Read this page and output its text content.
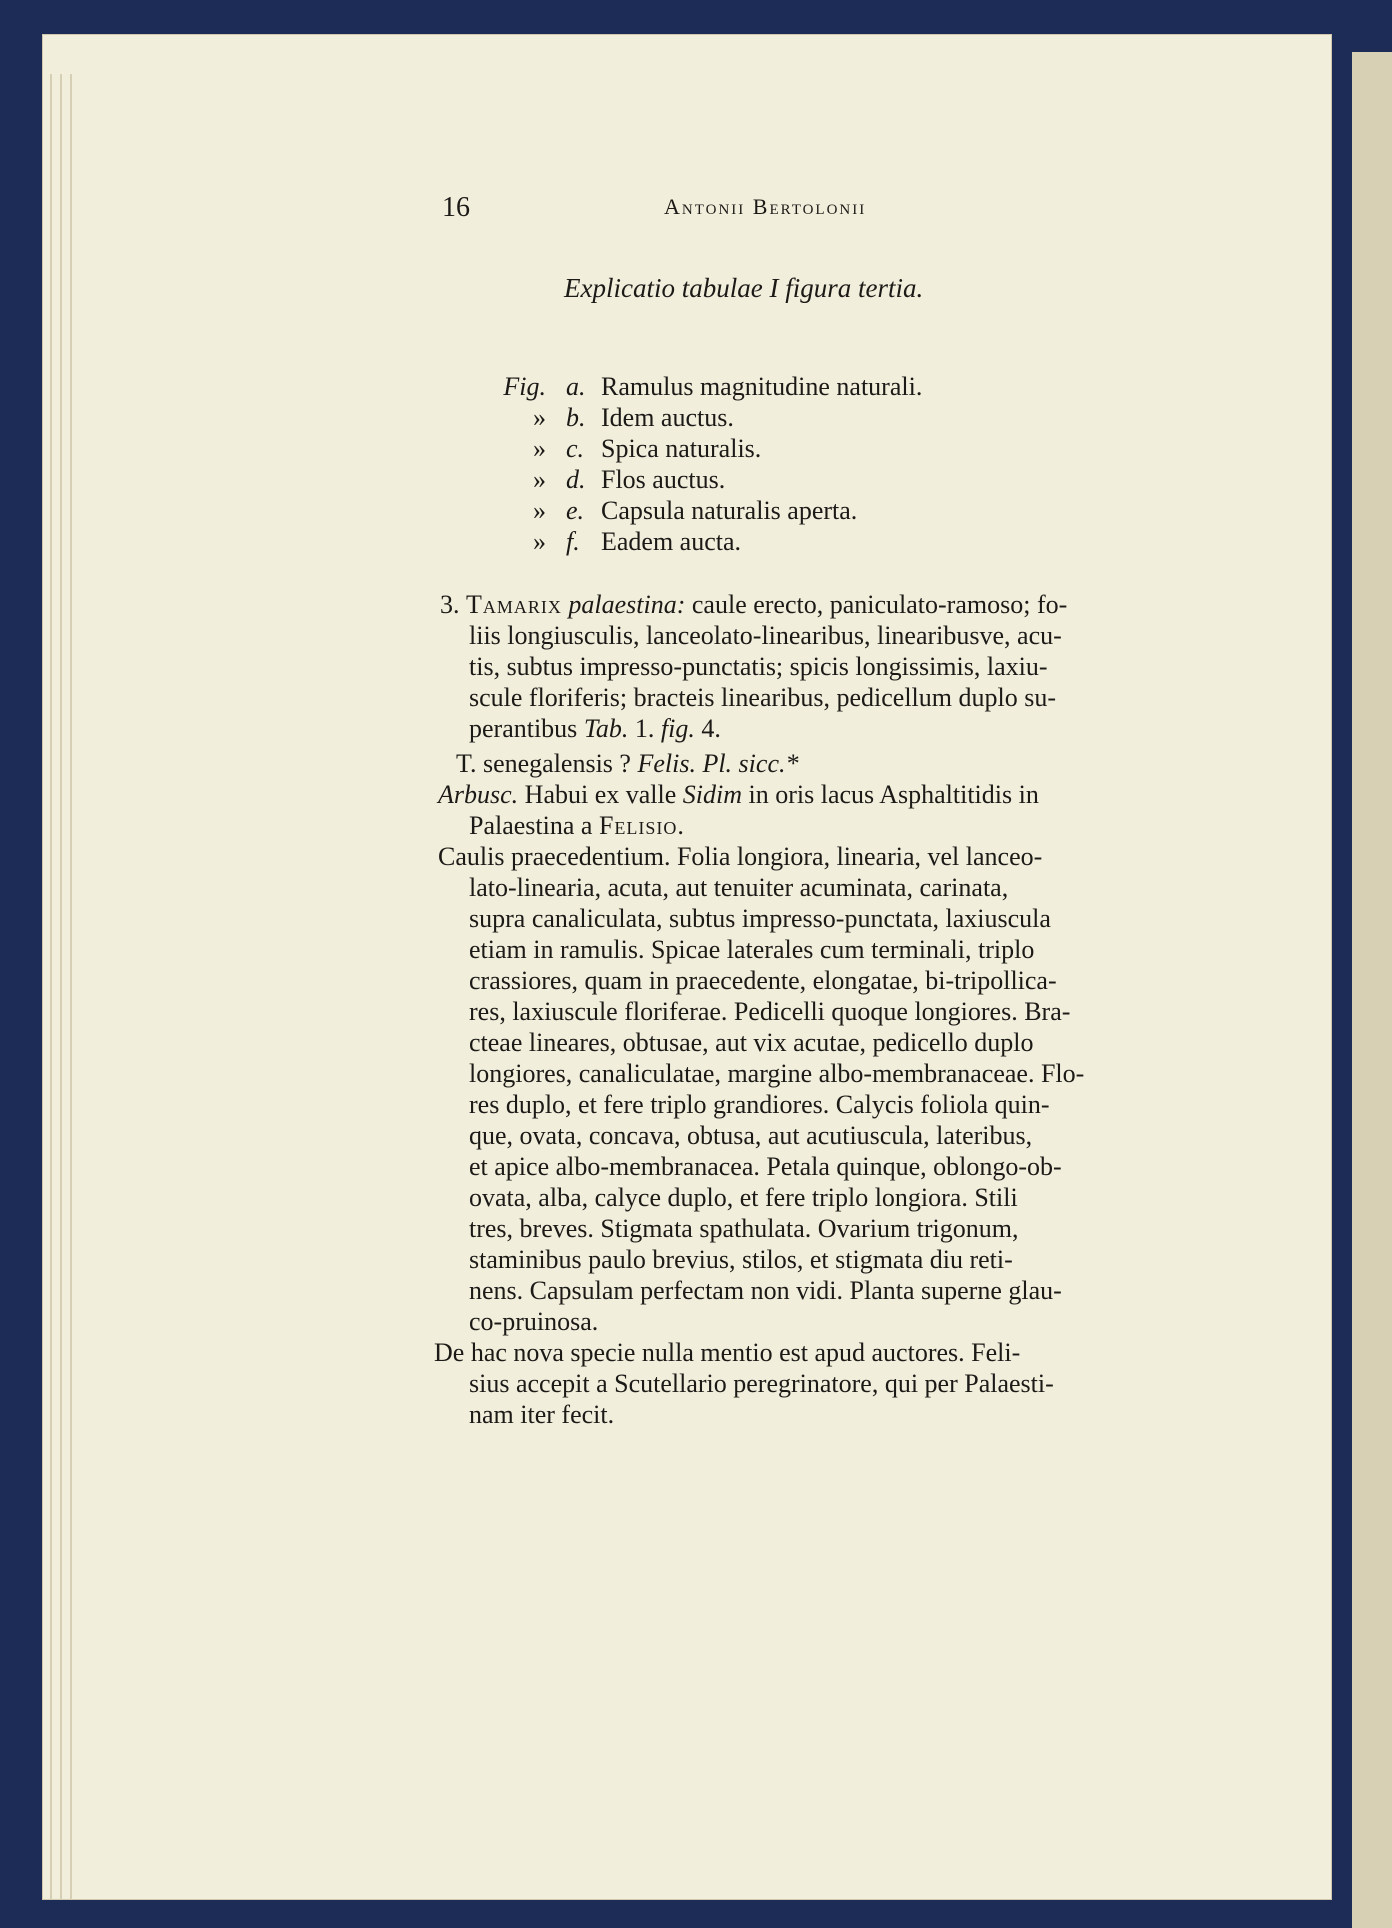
16	Antonii Bertolonii
Explicatio tabulae I figura tertia.
Fig. a. Ramulus magnitudine naturali.
» b. Idem auctus.
» c. Spica naturalis.
» d. Flos auctus.
» e. Capsula naturalis aperta.
» f. Eadem aucta.
3. Tamarix palaestina: caule erecto, paniculato-ramoso; fo-
liis longiusculis, lanceolato-linearibus, linearibusve, acu-
tis, subtus impresso-punctatis; spicis longissimis, laxiu-
scule floriferis; bracteis linearibus, pedicellum duplo su-
perantibus Tab. 1. fig. 4.
T. senegalensis ? Felis. Pl. sicc.*
Arbusc. Habui ex valle Sidim in oris lacus Asphaltitidis in
Palaestina a Felisio.
Caulis praecedentium. Folia longiora, linearia, vel lanceo-
lato-linearia, acuta, aut tenuiter acuminata, carinata,
supra canaliculata, subtus impresso-punctata, laxiuscula
etiam in ramulis. Spicae laterales cum terminali, triplo
crassiores, quam in praecedente, elongatae, bi-tripollica-
res, laxiuscule floriferae. Pedicelli quoque longiores. Bra-
cteae lineares, obtusae, aut vix acutae, pedicello duplo
longiores, canaliculatae, margine albo-membranaceae. Flo-
res duplo, et fere triplo grandiores. Calycis foliola quin-
que, ovata, concava, obtusa, aut acutiuscula, lateribus,
et apice albo-membranacea. Petala quinque, oblongo-ob-
ovata, alba, calyce duplo, et fere triplo longiora. Stili
tres, breves. Stigmata spathulata. Ovarium trigonum,
staminibus paulo brevius, stilos, et stigmata diu reti-
nens. Capsulam perfectam non vidi. Planta superne glau-
co-pruinosa.
De hac nova specie nulla mentio est apud auctores. Feli-
sius accepit a Scutellario peregrinatore, qui per Palaesti-
nam iter fecit.
